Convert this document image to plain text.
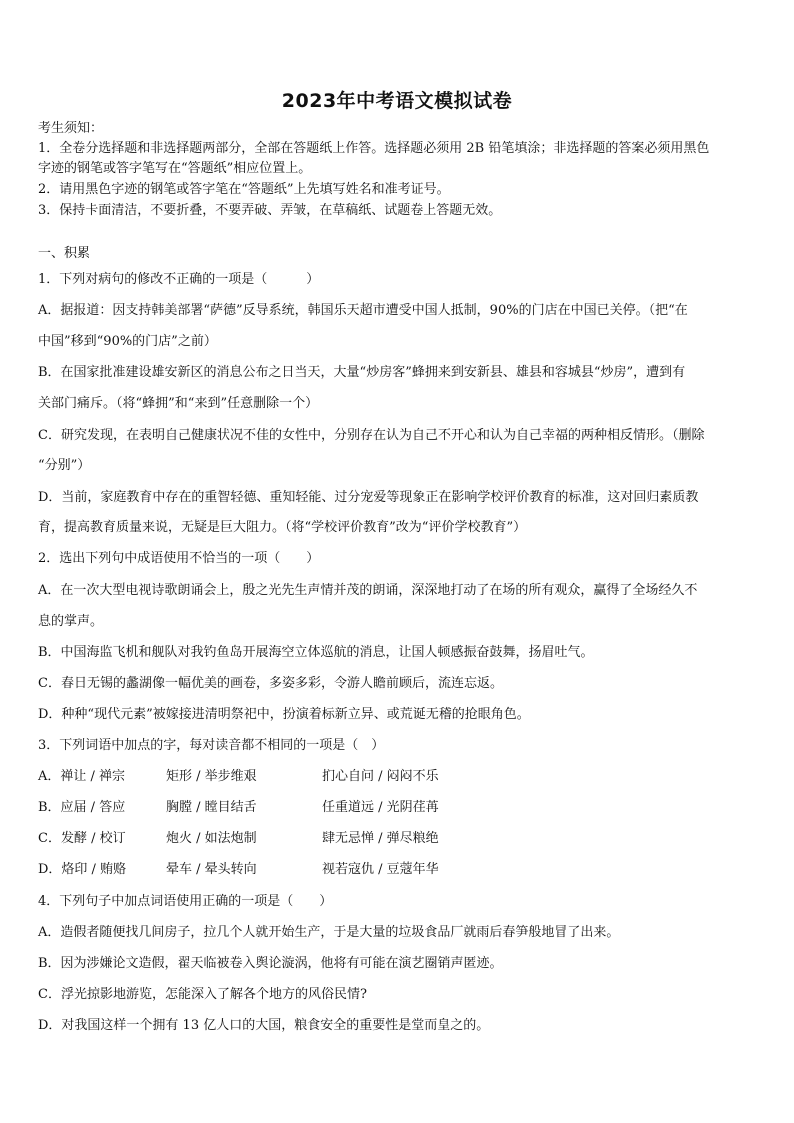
2023年中考语文模拟试卷
考生须知：
1．全卷分选择题和非选择题两部分，全部在答题纸上作答。选择题必须用 2B 铅笔填涂；非选择题的答案必须用黑色
字迹的钢笔或答字笔写在“答题纸”相应位置上。
2．请用黑色字迹的钢笔或答字笔在“答题纸”上先填写姓名和准考证号。
3．保持卡面清洁，不要折叠，不要弄破、弄皱，在草稿纸、试题卷上答题无效。
一、积累
1．下列对病句的修改不正确的一项是（　　　）
A．据报道：因支持韩美部署“萨德”反导系统，韩国乐天超市遭受中国人抵制，90%的门店在中国已关停。（把“在
中国”移到“90%的门店”之前）
B．在国家批准建设雄安新区的消息公布之日当天，大量“炒房客”蜂拥来到安新县、雄县和容城县“炒房”，遭到有
关部门痛斥。（将“蜂拥”和“来到”任意删除一个）
C．研究发现，在表明自己健康状况不佳的女性中，分别存在认为自己不开心和认为自己幸福的两种相反情形。（删除
“分别”）
D．当前，家庭教育中存在的重智轻德、重知轻能、过分宠爱等现象正在影响学校评价教育的标准，这对回归素质教
育，提高教育质量来说，无疑是巨大阻力。（将“学校评价教育”改为“评价学校教育”）
2．选出下列句中成语使用不恰当的一项（　　）
A．在一次大型电视诗歌朗诵会上，殷之光先生声情并茂的朗诵，深深地打动了在场的所有观众，赢得了全场经久不
息的掌声。
B．中国海监飞机和舰队对我钓鱼岛开展海空立体巡航的消息，让国人顿感振奋鼓舞，扬眉吐气。
C．春日无锡的蠡湖像一幅优美的画卷，多姿多彩，令游人瞻前顾后，流连忘返。
D．种种“现代元素”被嫁接进清明祭祀中，扮演着标新立异、或荒诞无稽的抢眼角色。
3．下列词语中加点的字，每对读音都不相同的一项是（　）
A．禅让 / 禅宗	矩形 / 举步维艰	扪心自问 / 闷闷不乐
B．应届 / 答应	胸膛 / 瞠目结舌	任重道远 / 光阴荏苒
C．发酵 / 校订	炮火 / 如法炮制	肆无忌惮 / 弹尽粮绝
D．烙印 / 贿赂	晕车 / 晕头转向	视若寇仇 / 豆蔻年华
4．下列句子中加点词语使用正确的一项是（　　）
A．造假者随便找几间房子，拉几个人就开始生产，于是大量的垃圾食品厂就雨后春笋般地冒了出来。
B．因为涉嫌论文造假，翟天临被卷入舆论漩涡，他将有可能在演艺圈销声匿迹。
C．浮光掠影地游览，怎能深入了解各个地方的风俗民情?
D．对我国这样一个拥有 13 亿人口的大国，粮食安全的重要性是堂而皇之的。
